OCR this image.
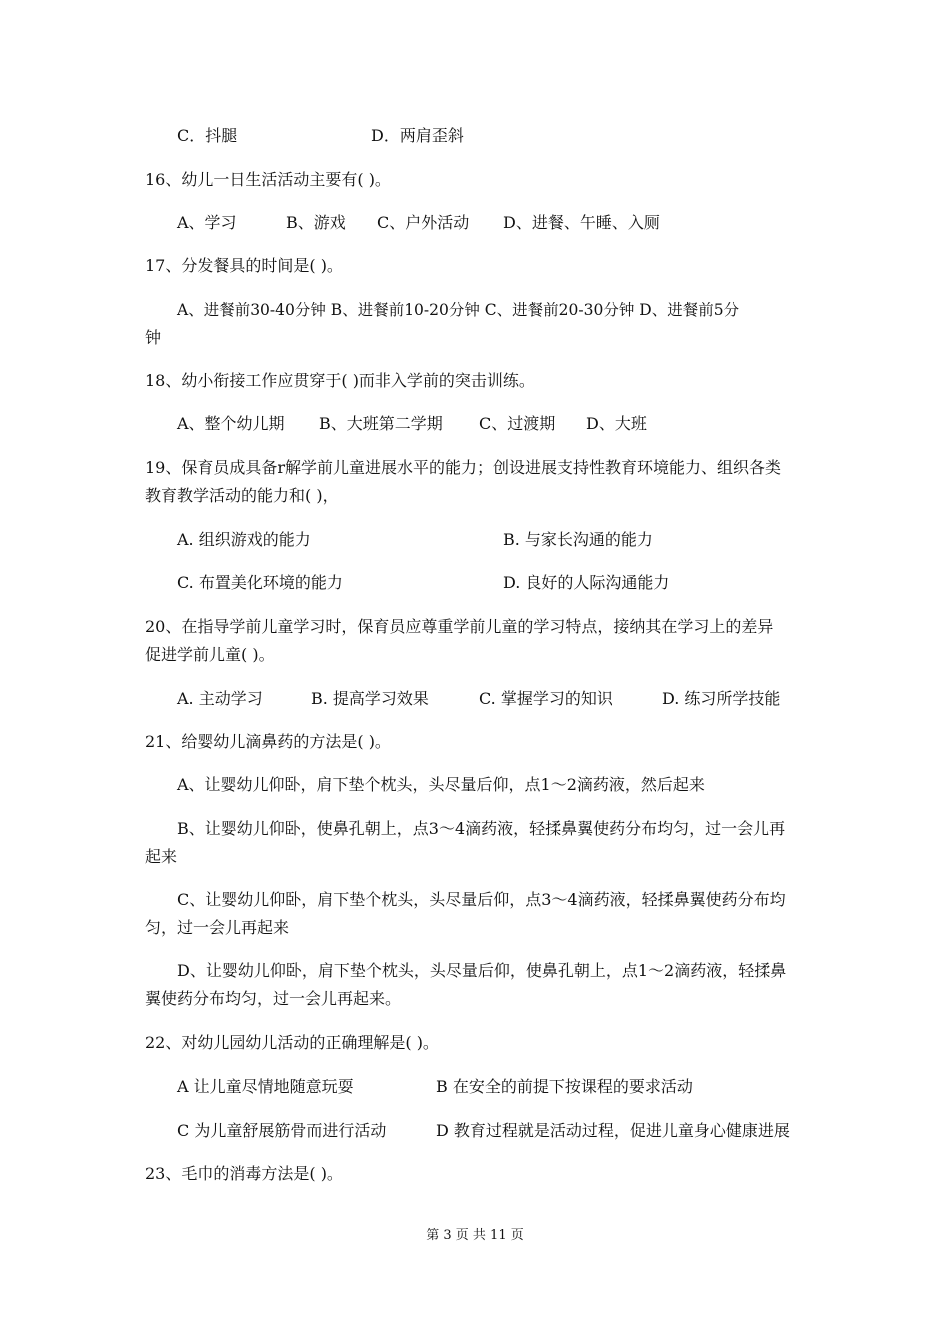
C．抖腿	D．两肩歪斜
16、幼儿一日生活活动主要有( )。
A、学习	B、游戏 C、户外活动 D、进餐、午睡、入厕
17、分发餐具的时间是( )。
A、进餐前30-40分钟 B、进餐前10-20分钟 C、进餐前20-30分钟 D、进餐前5分
钟
18、幼小衔接工作应贯穿于( )而非入学前的突击训练。
A、整个幼儿期 B、大班第二学期 C、过渡期 D、大班
19、保育员成具备r解学前儿童进展水平的能力；创设进展支持性教育环境能力、组织各类
教育教学活动的能力和( )，
A. 组织游戏的能力	B. 与家长沟通的能力
C. 布置美化环境的能力	D. 良好的人际沟通能力
20、在指导学前儿童学习时，保育员应尊重学前儿童的学习特点，接纳其在学习上的差异
促进学前儿童( )。
A. 主动学习	B. 提高学习效果	C. 掌握学习的知识	D. 练习所学技能
21、给婴幼儿滴鼻药的方法是( )。
A、让婴幼儿仰卧，肩下垫个枕头，头尽量后仰，点1～2滴药液，然后起来
B、让婴幼儿仰卧，使鼻孔朝上，点3～4滴药液，轻揉鼻翼使药分布均匀，过一会儿再
起来
C、让婴幼儿仰卧，肩下垫个枕头，头尽量后仰，点3～4滴药液，轻揉鼻翼使药分布均
匀，过一会儿再起来
D、让婴幼儿仰卧，肩下垫个枕头，头尽量后仰，使鼻孔朝上，点1～2滴药液，轻揉鼻
翼使药分布均匀，过一会儿再起来。
22、对幼儿园幼儿活动的正确理解是( )。
A 让儿童尽情地随意玩耍	B 在安全的前提下按课程的要求活动
C 为儿童舒展筋骨而进行活动	D 教育过程就是活动过程，促进儿童身心健康进展
23、毛巾的消毒方法是( )。
第 3 页 共 11 页
